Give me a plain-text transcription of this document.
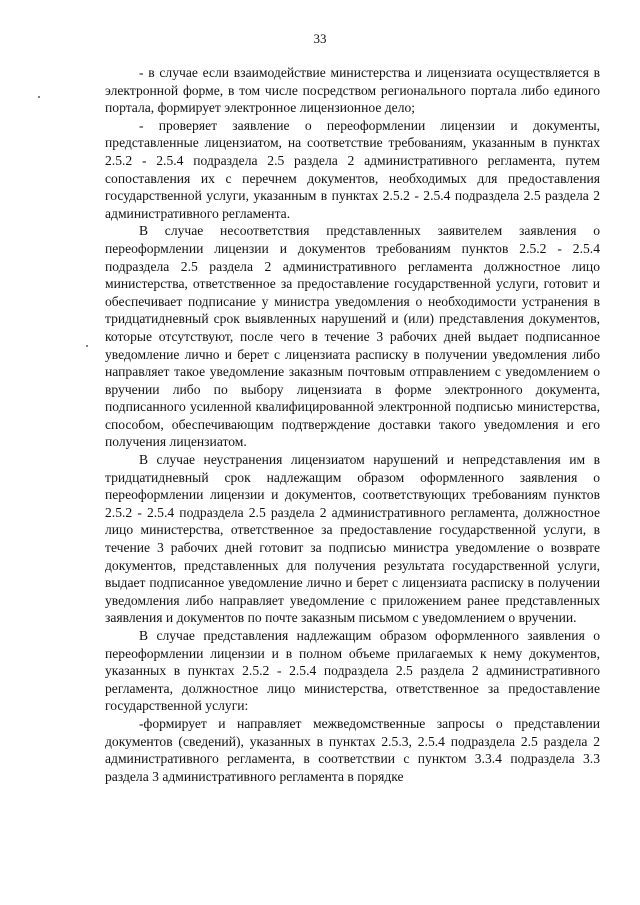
33

- в случае если взаимодействие министерства и лицензиата осуществляется в электронной форме, в том числе посредством регионального портала либо единого портала, формирует электронное лицензионное дело;

- проверяет заявление о переоформлении лицензии и документы, представленные лицензиатом, на соответствие требованиям, указанным в пунктах 2.5.2 - 2.5.4 подраздела 2.5 раздела 2 административного регламента, путем сопоставления их с перечнем документов, необходимых для предоставления государственной услуги, указанным в пунктах 2.5.2 - 2.5.4 подраздела 2.5 раздела 2 административного регламента.

В случае несоответствия представленных заявителем заявления о переоформлении лицензии и документов требованиям пунктов 2.5.2 - 2.5.4 подраздела 2.5 раздела 2 административного регламента должностное лицо министерства, ответственное за предоставление государственной услуги, готовит и обеспечивает подписание у министра уведомления о необходимости устранения в тридцатидневный срок выявленных нарушений и (или) представления документов, которые отсутствуют, после чего в течение 3 рабочих дней выдает подписанное уведомление лично и берет с лицензиата расписку в получении уведомления либо направляет такое уведомление заказным почтовым отправлением с уведомлением о вручении либо по выбору лицензиата в форме электронного документа, подписанного усиленной квалифицированной электронной подписью министерства, способом, обеспечивающим подтверждение доставки такого уведомления и его получения лицензиатом.

В случае неустранения лицензиатом нарушений и непредставления им в тридцатидневный срок надлежащим образом оформленного заявления о переоформлении лицензии и документов, соответствующих требованиям пунктов 2.5.2 - 2.5.4 подраздела 2.5 раздела 2 административного регламента, должностное лицо министерства, ответственное за предоставление государственной услуги, в течение 3 рабочих дней готовит за подписью министра уведомление о возврате документов, представленных для получения результата государственной услуги, выдает подписанное уведомление лично и берет с лицензиата расписку в получении уведомления либо направляет уведомление с приложением ранее представленных заявления и документов по почте заказным письмом с уведомлением о вручении.

В случае представления надлежащим образом оформленного заявления о переоформлении лицензии и в полном объеме прилагаемых к нему документов, указанных в пунктах 2.5.2 - 2.5.4 подраздела 2.5 раздела 2 административного регламента, должностное лицо министерства, ответственное за предоставление государственной услуги:

-формирует и направляет межведомственные запросы о представлении документов (сведений), указанных в пунктах 2.5.3, 2.5.4 подраздела 2.5 раздела 2 административного регламента, в соответствии с пунктом 3.3.4 подраздела 3.3 раздела 3 административного регламента в порядке
